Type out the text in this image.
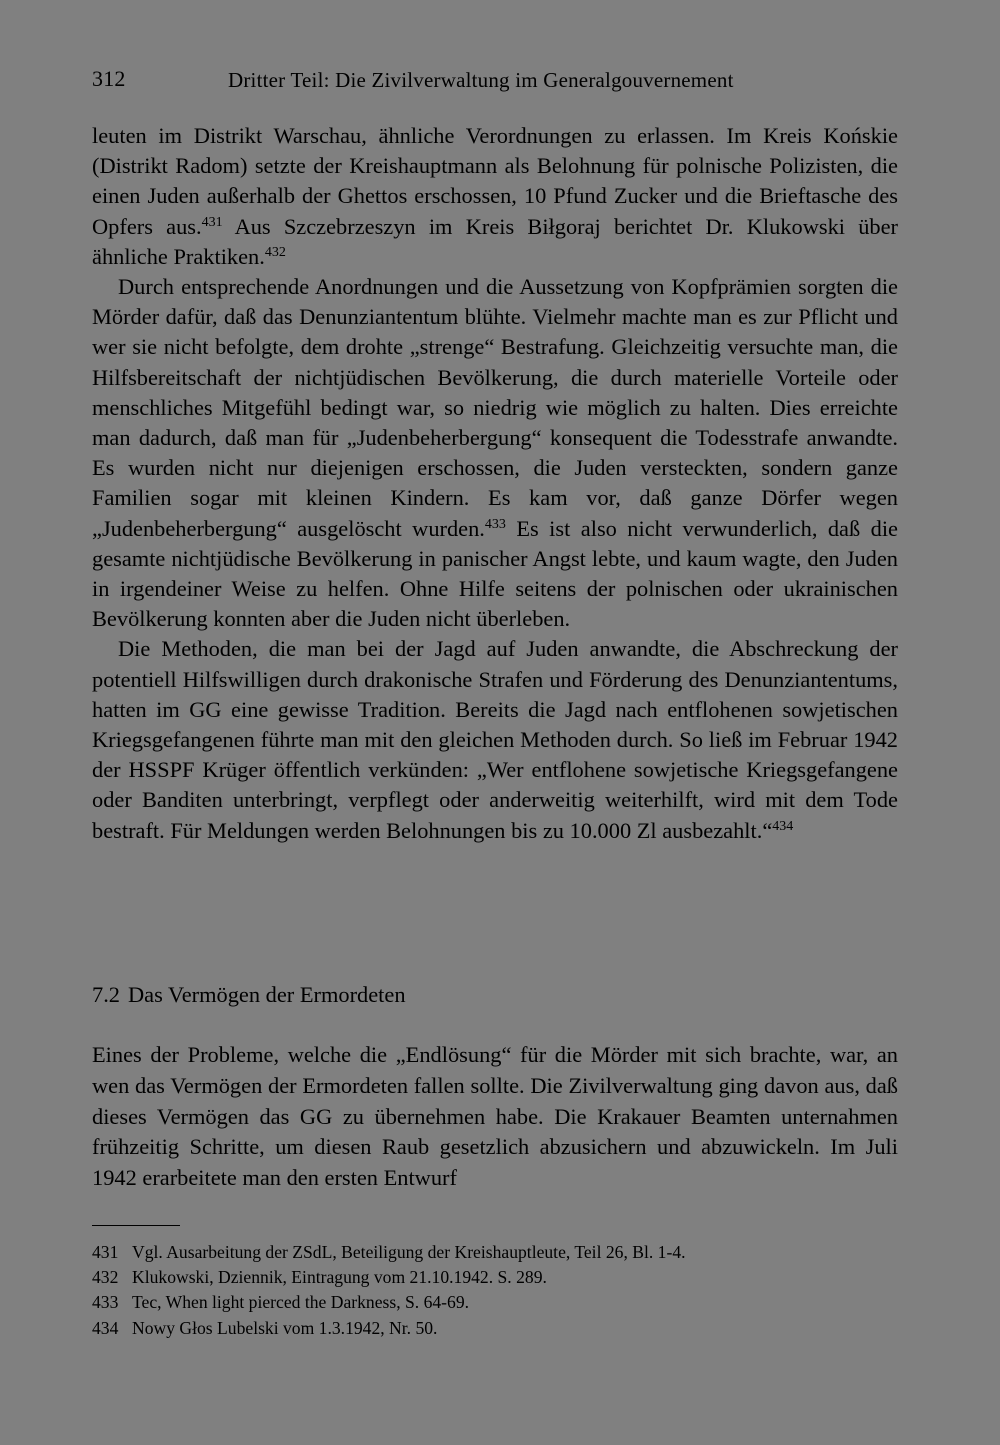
312	Dritter Teil: Die Zivilverwaltung im Generalgouvernement

leuten im Distrikt Warschau, ähnliche Verordnungen zu erlassen. Im Kreis Końskie (Distrikt Radom) setzte der Kreishauptmann als Belohnung für polnische Polizisten, die einen Juden außerhalb der Ghettos erschossen, 10 Pfund Zucker und die Brieftasche des Opfers aus.$^{431}$ Aus Szczebrzeszyn im Kreis Biłgoraj berichtet Dr. Klukowski über ähnliche Praktiken.$^{432}$

Durch entsprechende Anordnungen und die Aussetzung von Kopfprämien sorgten die Mörder dafür, daß das Denunziantentum blühte. Vielmehr machte man es zur Pflicht und wer sie nicht befolgte, dem drohte „strenge“ Bestrafung. Gleichzeitig versuchte man, die Hilfsbereitschaft der nichtjüdischen Bevölkerung, die durch materielle Vorteile oder menschliches Mitgefühl bedingt war, so niedrig wie möglich zu halten. Dies erreichte man dadurch, daß man für „Judenbeherbergung“ konsequent die Todesstrafe anwandte. Es wurden nicht nur diejenigen erschossen, die Juden versteckten, sondern ganze Familien sogar mit kleinen Kindern. Es kam vor, daß ganze Dörfer wegen „Judenbeherbergung“ ausgelöscht wurden.$^{433}$ Es ist also nicht verwunderlich, daß die gesamte nichtjüdische Bevölkerung in panischer Angst lebte, und kaum wagte, den Juden in irgendeiner Weise zu helfen. Ohne Hilfe seitens der polnischen oder ukrainischen Bevölkerung konnten aber die Juden nicht überleben.

Die Methoden, die man bei der Jagd auf Juden anwandte, die Abschreckung der potentiell Hilfswilligen durch drakonische Strafen und Förderung des Denunziantentums, hatten im GG eine gewisse Tradition. Bereits die Jagd nach entflohenen sowjetischen Kriegsgefangenen führte man mit den gleichen Methoden durch. So ließ im Februar 1942 der HSSPF Krüger öffentlich verkünden: „Wer entflohene sowjetische Kriegsgefangene oder Banditen unterbringt, verpflegt oder anderweitig weiterhilft, wird mit dem Tode bestraft. Für Meldungen werden Belohnungen bis zu 10.000 Zl ausbezahlt.“$^{434}$

7.2 Das Vermögen der Ermordeten

Eines der Probleme, welche die „Endlösung“ für die Mörder mit sich brachte, war, an wen das Vermögen der Ermordeten fallen sollte. Die Zivilverwaltung ging davon aus, daß dieses Vermögen das GG zu übernehmen habe. Die Krakauer Beamten unternahmen frühzeitig Schritte, um diesen Raub gesetzlich abzusichern und abzuwickeln. Im Juli 1942 erarbeitete man den ersten Entwurf

431 Vgl. Ausarbeitung der ZSdL, Beteiligung der Kreishauptleute, Teil 26, Bl. 1-4.
432 Klukowski, Dziennik, Eintragung vom 21.10.1942. S. 289.
433 Tec, When light pierced the Darkness, S. 64-69.
434 Nowy Głos Lubelski vom 1.3.1942, Nr. 50.
